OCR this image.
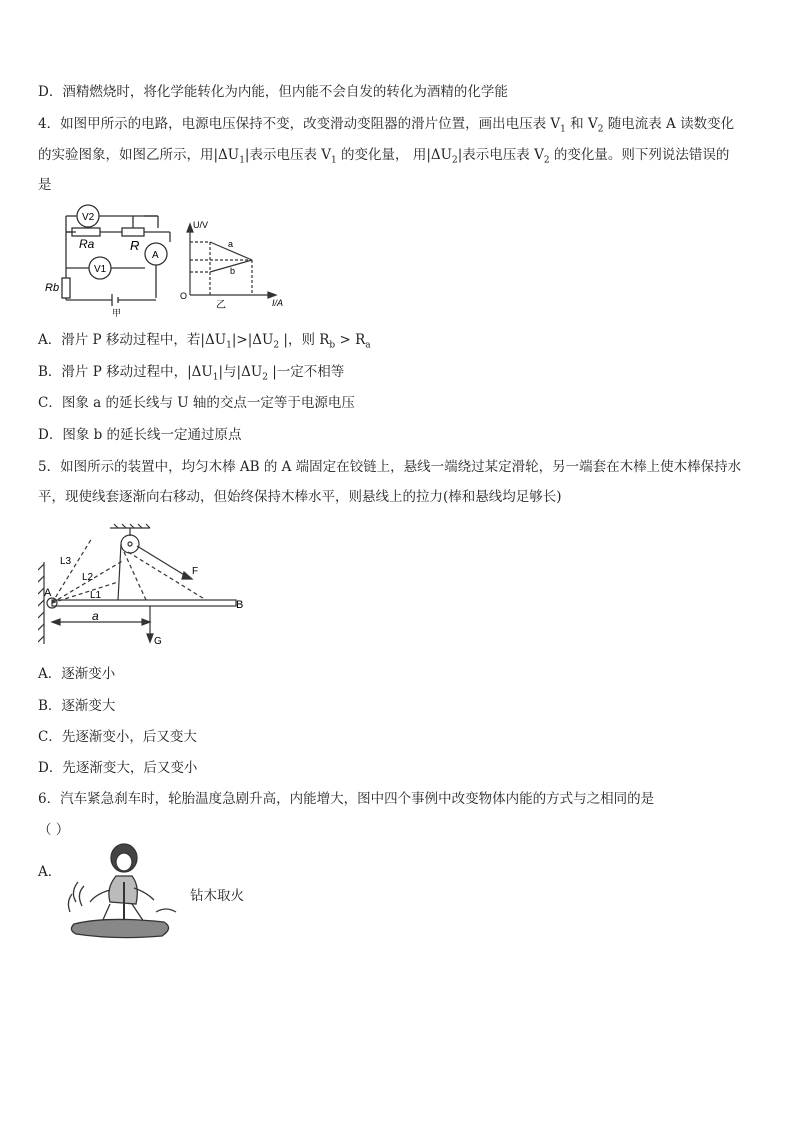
D．酒精燃烧时，将化学能转化为内能，但内能不会自发的转化为酒精的化学能
4．如图甲所示的电路，电源电压保持不变，改变滑动变阻器的滑片位置，画出电压表 $V_1$ 和 $V_2$ 随电流表 A 读数变化
的实验图象，如图乙所示，用$|\Delta U_1|$表示电压表 $V_1$ 的变化量， 用$|\Delta U_2|$表示电压表 $V_2$ 的变化量。则下列说法错误的
是
V2
Ra	R
A
V1
Rb
甲
U/V
I/A
O
a
b
乙
A．滑片 P 移动过程中，若$|\Delta U_1|>|\Delta U_2$ |，则 $R_b > R_a$
B．滑片 P 移动过程中，$|\Delta U_1|$与$|\Delta U_2$ |一定不相等
C．图象 a 的延长线与 U 轴的交点一定等于电源电压
D．图象 b 的延长线一定通过原点
5．如图所示的装置中，均匀木棒 AB 的 A 端固定在铰链上，悬线一端绕过某定滑轮，另一端套在木棒上使木棒保持水平，现使线套逐渐向右移动，但始终保持木棒水平，则悬线上的拉力(棒和悬线均足够长)
L3
L2
L1
A
B
F
G
a
A．逐渐变小
B．逐渐变大
C．先逐渐变小，后又变大
D．先逐渐变大，后又变小
6．汽车紧急刹车时，轮胎温度急剧升高，内能增大，图中四个事例中改变物体内能的方式与之相同的是
（ ）
A．
钻木取火
